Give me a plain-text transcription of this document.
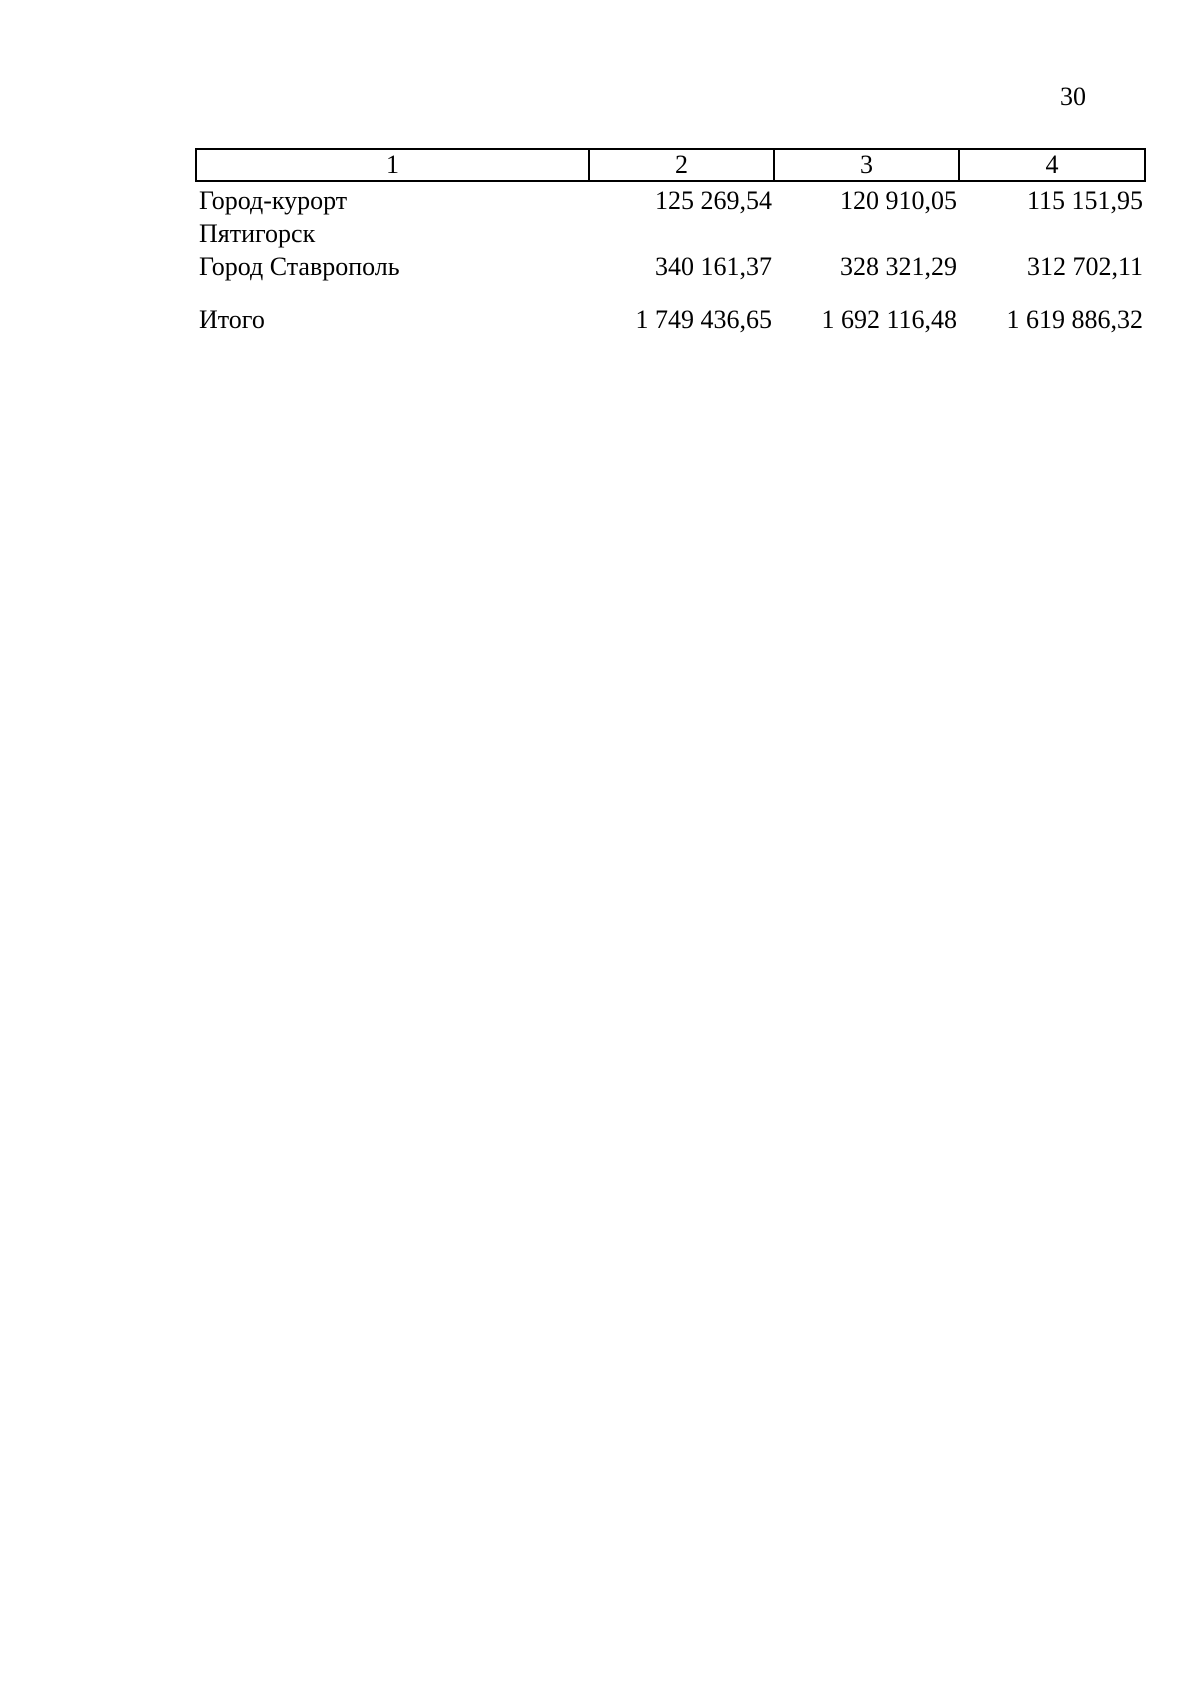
30
1	2	3	4

Город-курорт
Пятигорск	125 269,54	120 910,05	115 151,95
Город Ставрополь	340 161,37	328 321,29	312 702,11

Итого	1 749 436,65	1 692 116,48	1 619 886,32
